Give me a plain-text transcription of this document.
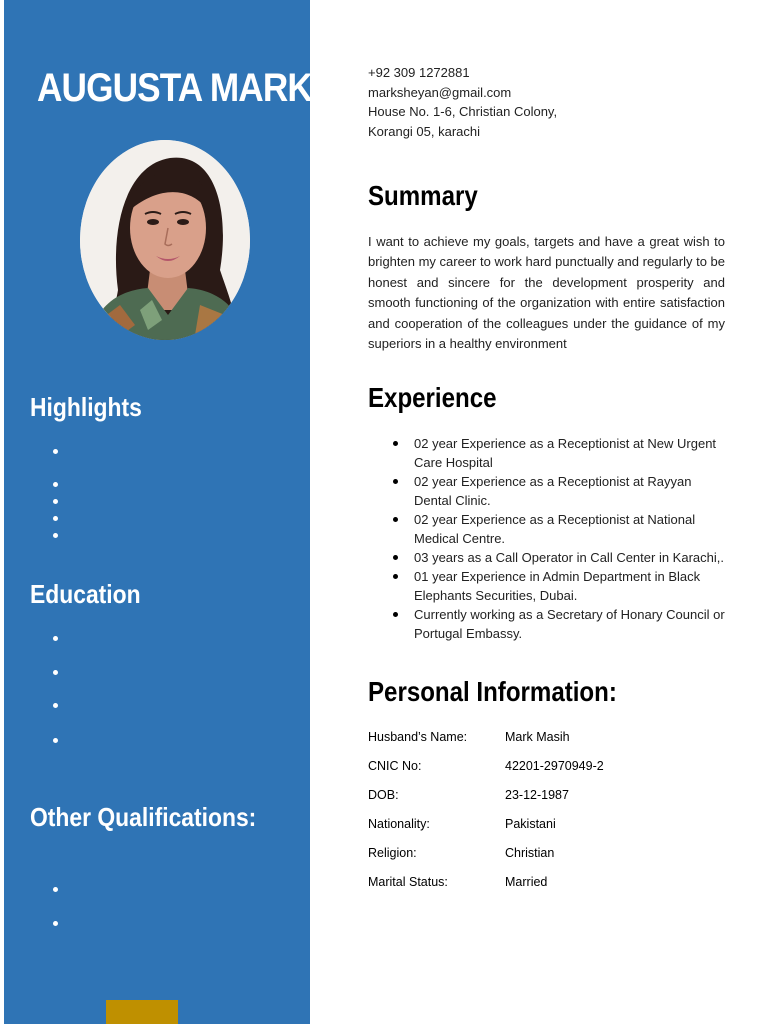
AUGUSTA MARK
Highlights
Education
Other Qualifications:
+92 309 1272881
marksheyan@gmail.com
House No. 1-6, Christian Colony,
Korangi 05, karachi
Summary

I want to achieve my goals, targets and have a great wish to brighten my career to work hard punctually and regularly to be honest and sincere for the development prosperity and smooth functioning of the organization with entire satisfaction and cooperation of the colleagues under the guidance of my superiors in a healthy environment

Experience
02 year Experience as a Receptionist at New Urgent Care Hospital
02 year Experience as a Receptionist at Rayyan Dental Clinic.
02 year Experience as a Receptionist at National Medical Centre.
03 years as a Call Operator in Call Center in Karachi,.
01 year Experience in Admin Department in Black Elephants Securities, Dubai.
Currently working as a Secretary of Honary Council or Portugal Embassy.
Personal Information:
Husband’s Name:	Mark Masih
CNIC No:	42201-2970949-2
DOB:	23-12-1987
Nationality:	Pakistani
Religion:	Christian
Marital Status:	Married
